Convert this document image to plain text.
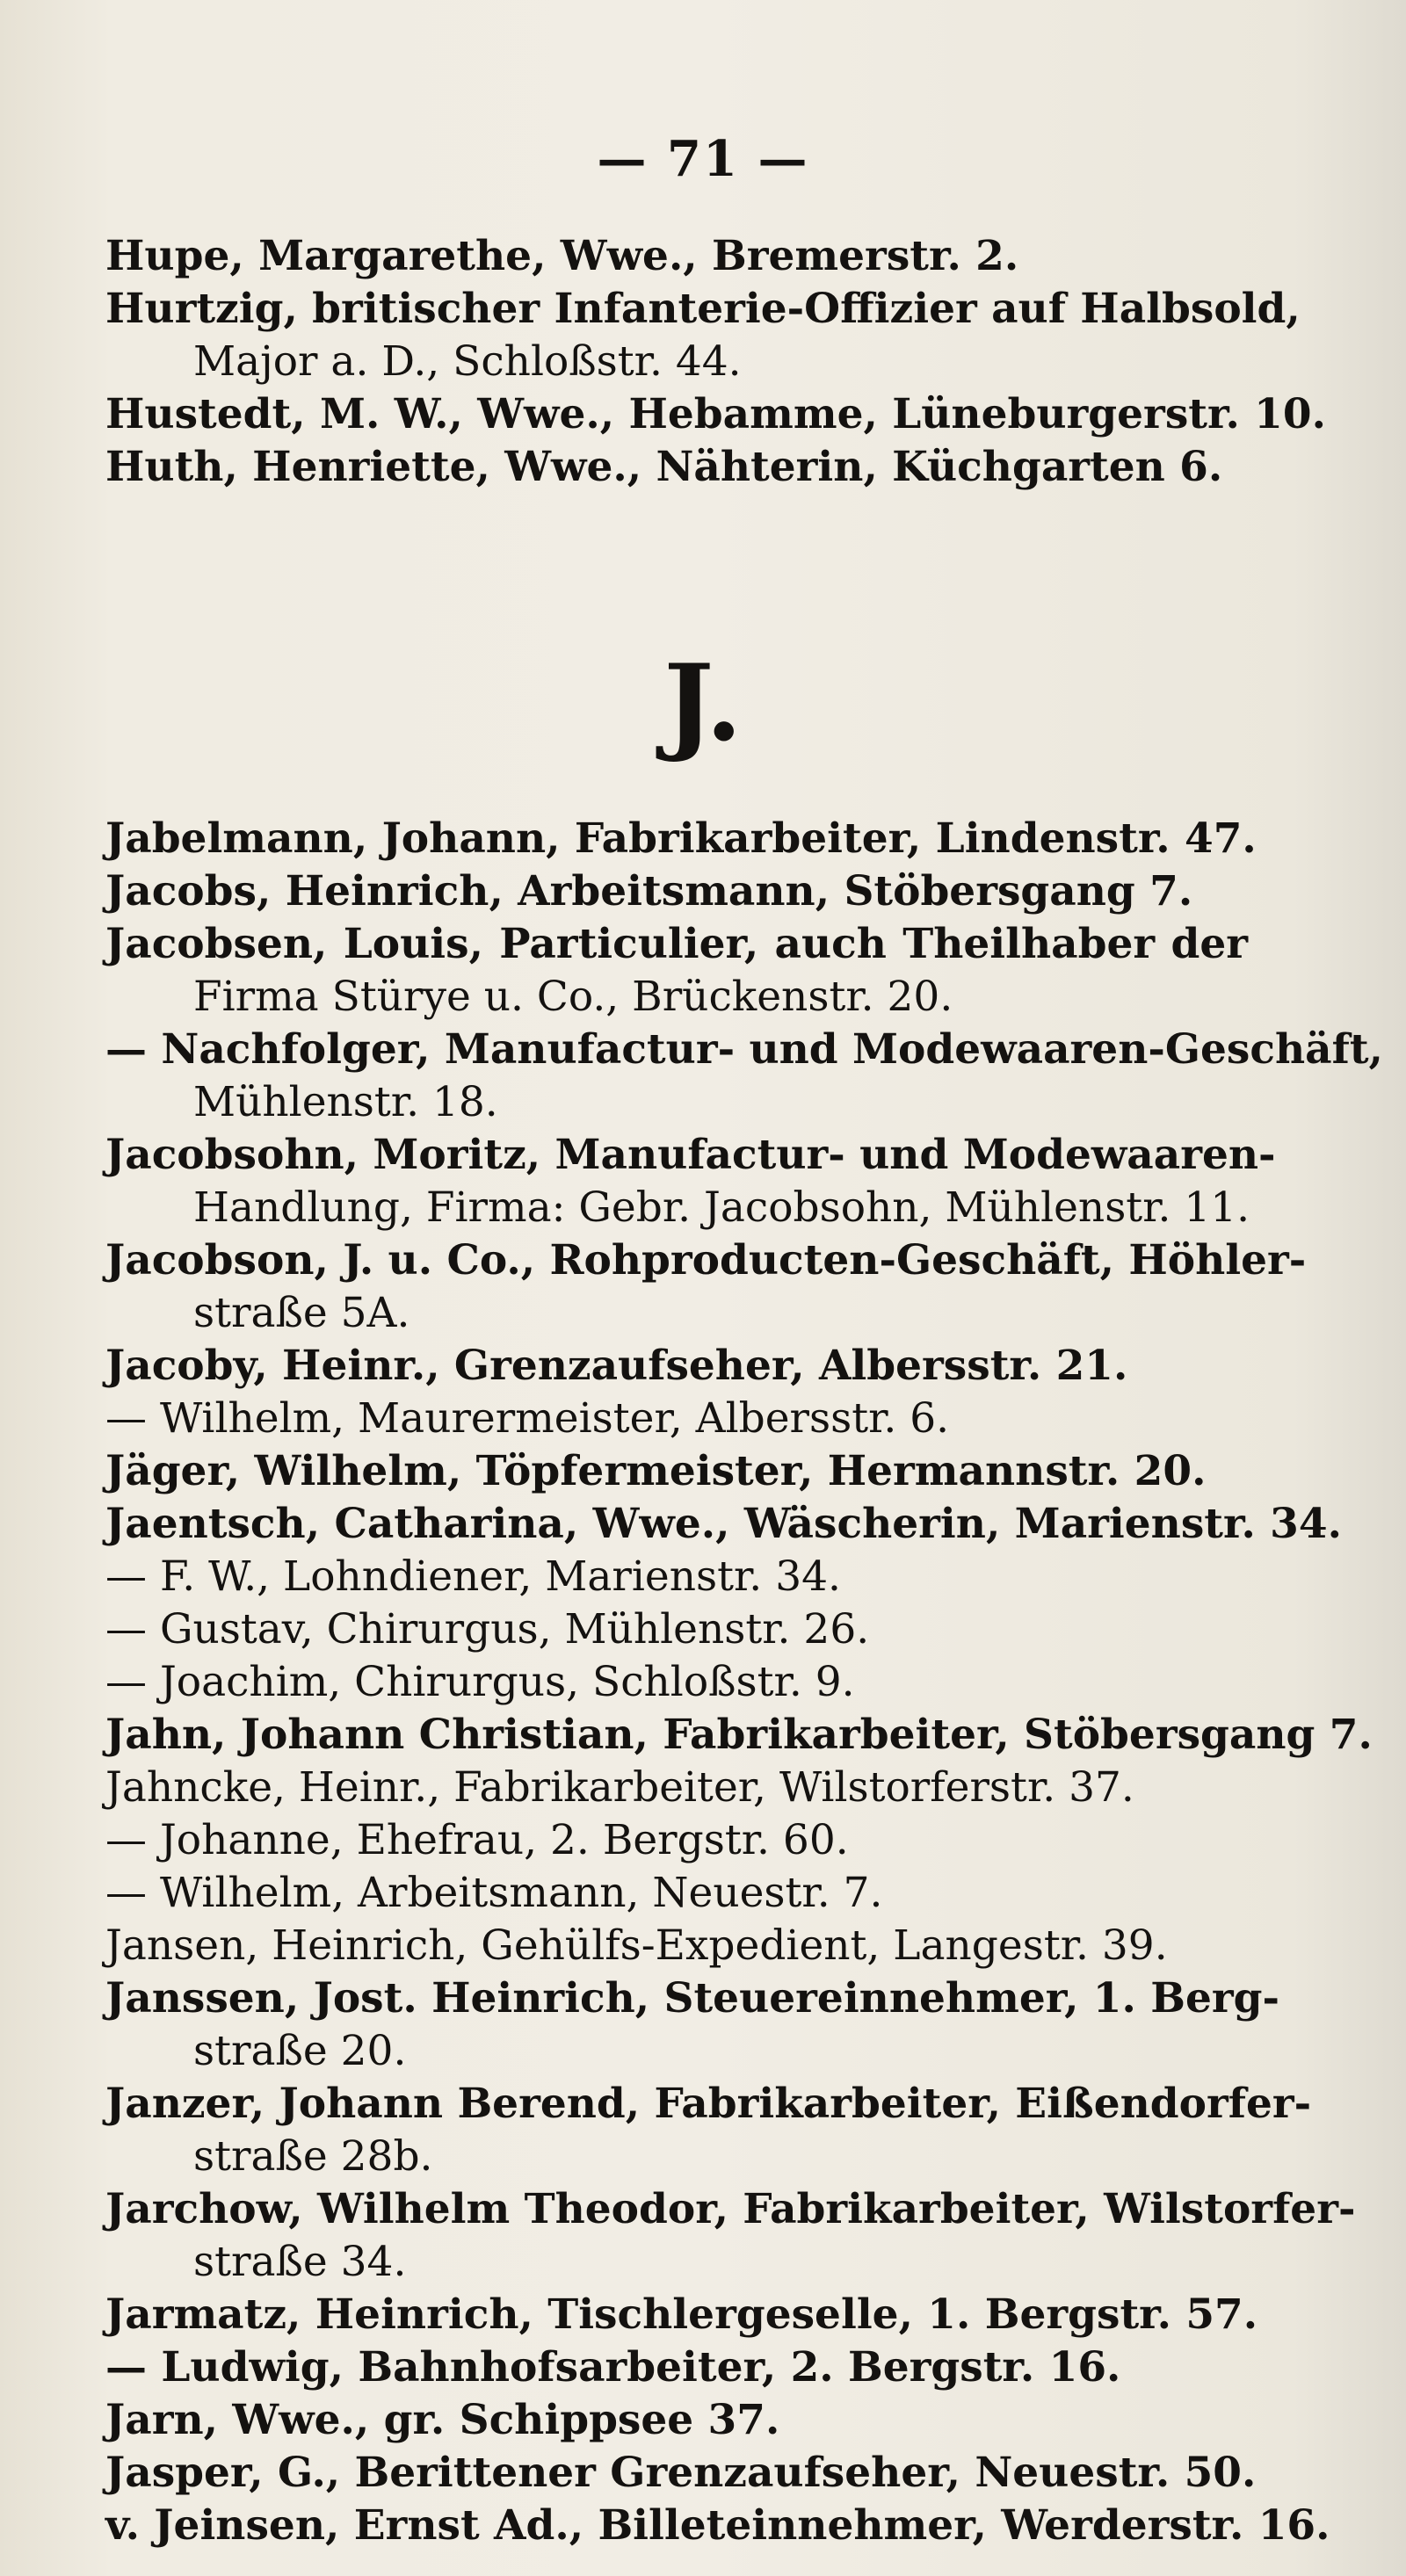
— 71 —
Hupe, Margarethe, Wwe., Bremerstr. 2.
Hurtzig, britischer Infanterie-Offizier auf Halbsold,
Major a. D., Schloßstr. 44.
Hustedt, M. W., Wwe., Hebamme, Lüneburgerstr. 10.
Huth, Henriette, Wwe., Nähterin, Küchgarten 6.
J.
Jabelmann, Johann, Fabrikarbeiter, Lindenstr. 47.
Jacobs, Heinrich, Arbeitsmann, Stöbersgang 7.
Jacobsen, Louis, Particulier, auch Theilhaber der
Firma Stürye u. Co., Brückenstr. 20.
— Nachfolger, Manufactur- und Modewaaren-Geschäft,
Mühlenstr. 18.
Jacobsohn, Moritz, Manufactur- und Modewaaren-
Handlung, Firma: Gebr. Jacobsohn, Mühlenstr. 11.
Jacobson, J. u. Co., Rohproducten-Geschäft, Höhler-
straße 5A.
Jacoby, Heinr., Grenzaufseher, Albersstr. 21.
— Wilhelm, Maurermeister, Albersstr. 6.
Jäger, Wilhelm, Töpfermeister, Hermannstr. 20.
Jaentsch, Catharina, Wwe., Wäscherin, Marienstr. 34.
— F. W., Lohndiener, Marienstr. 34.
— Gustav, Chirurgus, Mühlenstr. 26.
— Joachim, Chirurgus, Schloßstr. 9.
Jahn, Johann Christian, Fabrikarbeiter, Stöbersgang 7.
Jahncke, Heinr., Fabrikarbeiter, Wilstorferstr. 37.
— Johanne, Ehefrau, 2. Bergstr. 60.
— Wilhelm, Arbeitsmann, Neuestr. 7.
Jansen, Heinrich, Gehülfs-Expedient, Langestr. 39.
Janssen, Jost. Heinrich, Steuereinnehmer, 1. Berg-
straße 20.
Janzer, Johann Berend, Fabrikarbeiter, Eißendorfer-
straße 28b.
Jarchow, Wilhelm Theodor, Fabrikarbeiter, Wilstorfer-
straße 34.
Jarmatz, Heinrich, Tischlergeselle, 1. Bergstr. 57.
— Ludwig, Bahnhofsarbeiter, 2. Bergstr. 16.
Jarn, Wwe., gr. Schippsee 37.
Jasper, G., Berittener Grenzaufseher, Neuestr. 50.
v. Jeinsen, Ernst Ad., Billeteinnehmer, Werderstr. 16.
